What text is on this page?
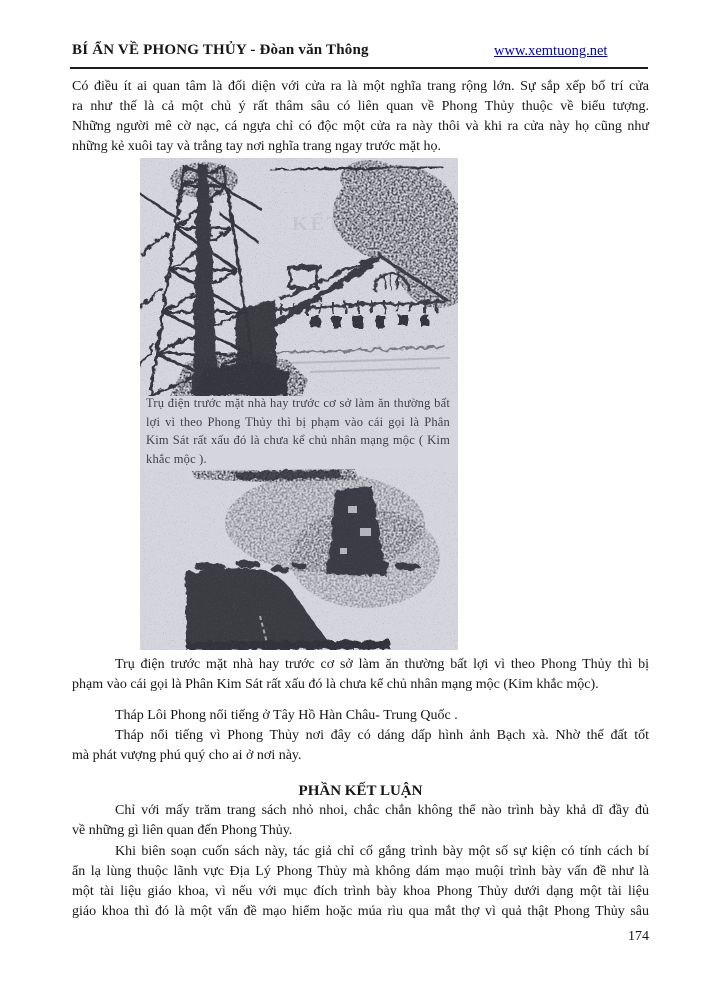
BÍ ẨN VỀ PHONG THỦY - Đòan văn Thông	www.xemtuong.net
Có điều ít ai quan tâm là đối diện với cửa ra là một nghĩa trang rộng lớn. Sự sắp xếp bố trí cửa
ra như thế là cả một chủ ý rất thâm sâu có liên quan về Phong Thủy thuộc về biểu tượng.
Những người mê cờ nạc, cá ngựa chỉ có độc một cửa ra này thôi và khi ra cửa này họ cũng như
những kẻ xuôi tay và trắng tay nơi nghĩa trang ngay trước mặt họ.
Trụ điện trước mặt nhà hay trước cơ sở làm ăn thường bất
lợi vì theo Phong Thủy thì bị phạm vào cái gọi là Phân
Kim Sát rất xấu đó là chưa kể chủ nhân mạng mộc ( Kim
khắc mộc ).
Trụ điện trước mặt nhà hay trước cơ sở làm ăn thường bất lợi vì theo Phong Thủy thì bị
phạm vào cái gọi là Phân Kim Sát rất xấu đó là chưa kể chủ nhân mạng mộc (Kim khắc mộc).
Tháp Lôi Phong nổi tiếng ở Tây Hồ Hàn Châu- Trung Quốc .
Tháp nổi tiếng vì Phong Thủy nơi đây có dáng dấp hình ảnh Bạch xà. Nhờ thế đất tốt
mà phát vượng phú quý cho ai ở nơi này.
PHẦN KẾT LUẬN
Chỉ với mấy trăm trang sách nhỏ nhoi, chắc chắn không thể nào trình bày khả dĩ đầy đủ
về những gì liên quan đến Phong Thủy.
Khi biên soạn cuốn sách này, tác giả chỉ cố gắng trình bày một số sự kiện có tính cách bí
ẩn lạ lùng thuộc lãnh vực Địa Lý Phong Thủy mà không dám mạo muội trình bày vấn đề như là
một tài liệu giáo khoa, vì nếu với mục đích trình bày khoa Phong Thủy dưới dạng một tài liệu
giáo khoa thì đó là một vấn đề mạo hiểm hoặc múa rìu qua mắt thợ vì quả thật Phong Thủy sâu
174
